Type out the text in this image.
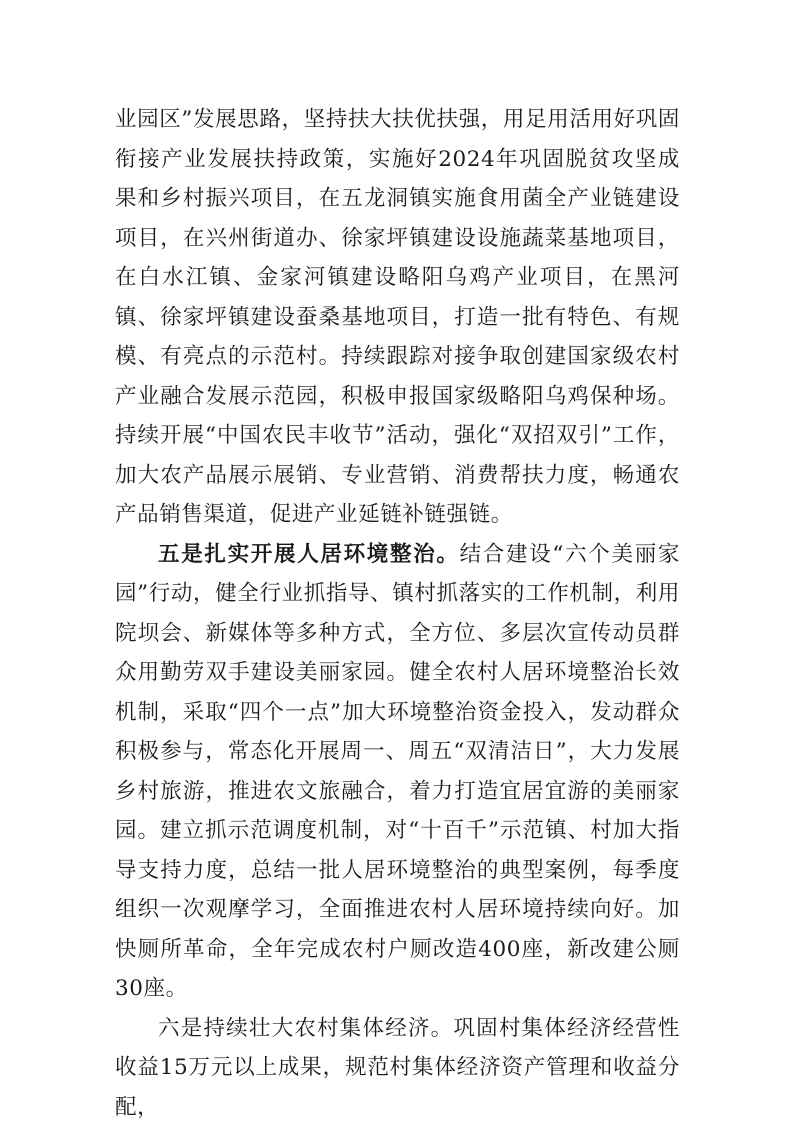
业园区”发展思路，坚持扶大扶优扶强，用足用活用好巩固衔接产业发展扶持政策，实施好2024年巩固脱贫攻坚成果和乡村振兴项目，在五龙洞镇实施食用菌全产业链建设项目，在兴州街道办、徐家坪镇建设设施蔬菜基地项目，在白水江镇、金家河镇建设略阳乌鸡产业项目，在黑河镇、徐家坪镇建设蚕桑基地项目，打造一批有特色、有规模、有亮点的示范村。持续跟踪对接争取创建国家级农村产业融合发展示范园，积极申报国家级略阳乌鸡保种场。持续开展“中国农民丰收节”活动，强化“双招双引”工作，加大农产品展示展销、专业营销、消费帮扶力度，畅通农产品销售渠道，促进产业延链补链强链。

五是扎实开展人居环境整治。结合建设“六个美丽家园”行动，健全行业抓指导、镇村抓落实的工作机制，利用院坝会、新媒体等多种方式，全方位、多层次宣传动员群众用勤劳双手建设美丽家园。健全农村人居环境整治长效机制，采取“四个一点”加大环境整治资金投入，发动群众积极参与，常态化开展周一、周五“双清洁日”，大力发展乡村旅游，推进农文旅融合，着力打造宜居宜游的美丽家园。建立抓示范调度机制，对“十百千”示范镇、村加大指导支持力度，总结一批人居环境整治的典型案例，每季度组织一次观摩学习，全面推进农村人居环境持续向好。加快厕所革命，全年完成农村户厕改造400座，新改建公厕30座。

六是持续壮大农村集体经济。巩固村集体经济经营性收益15万元以上成果，规范村集体经济资产管理和收益分配，
